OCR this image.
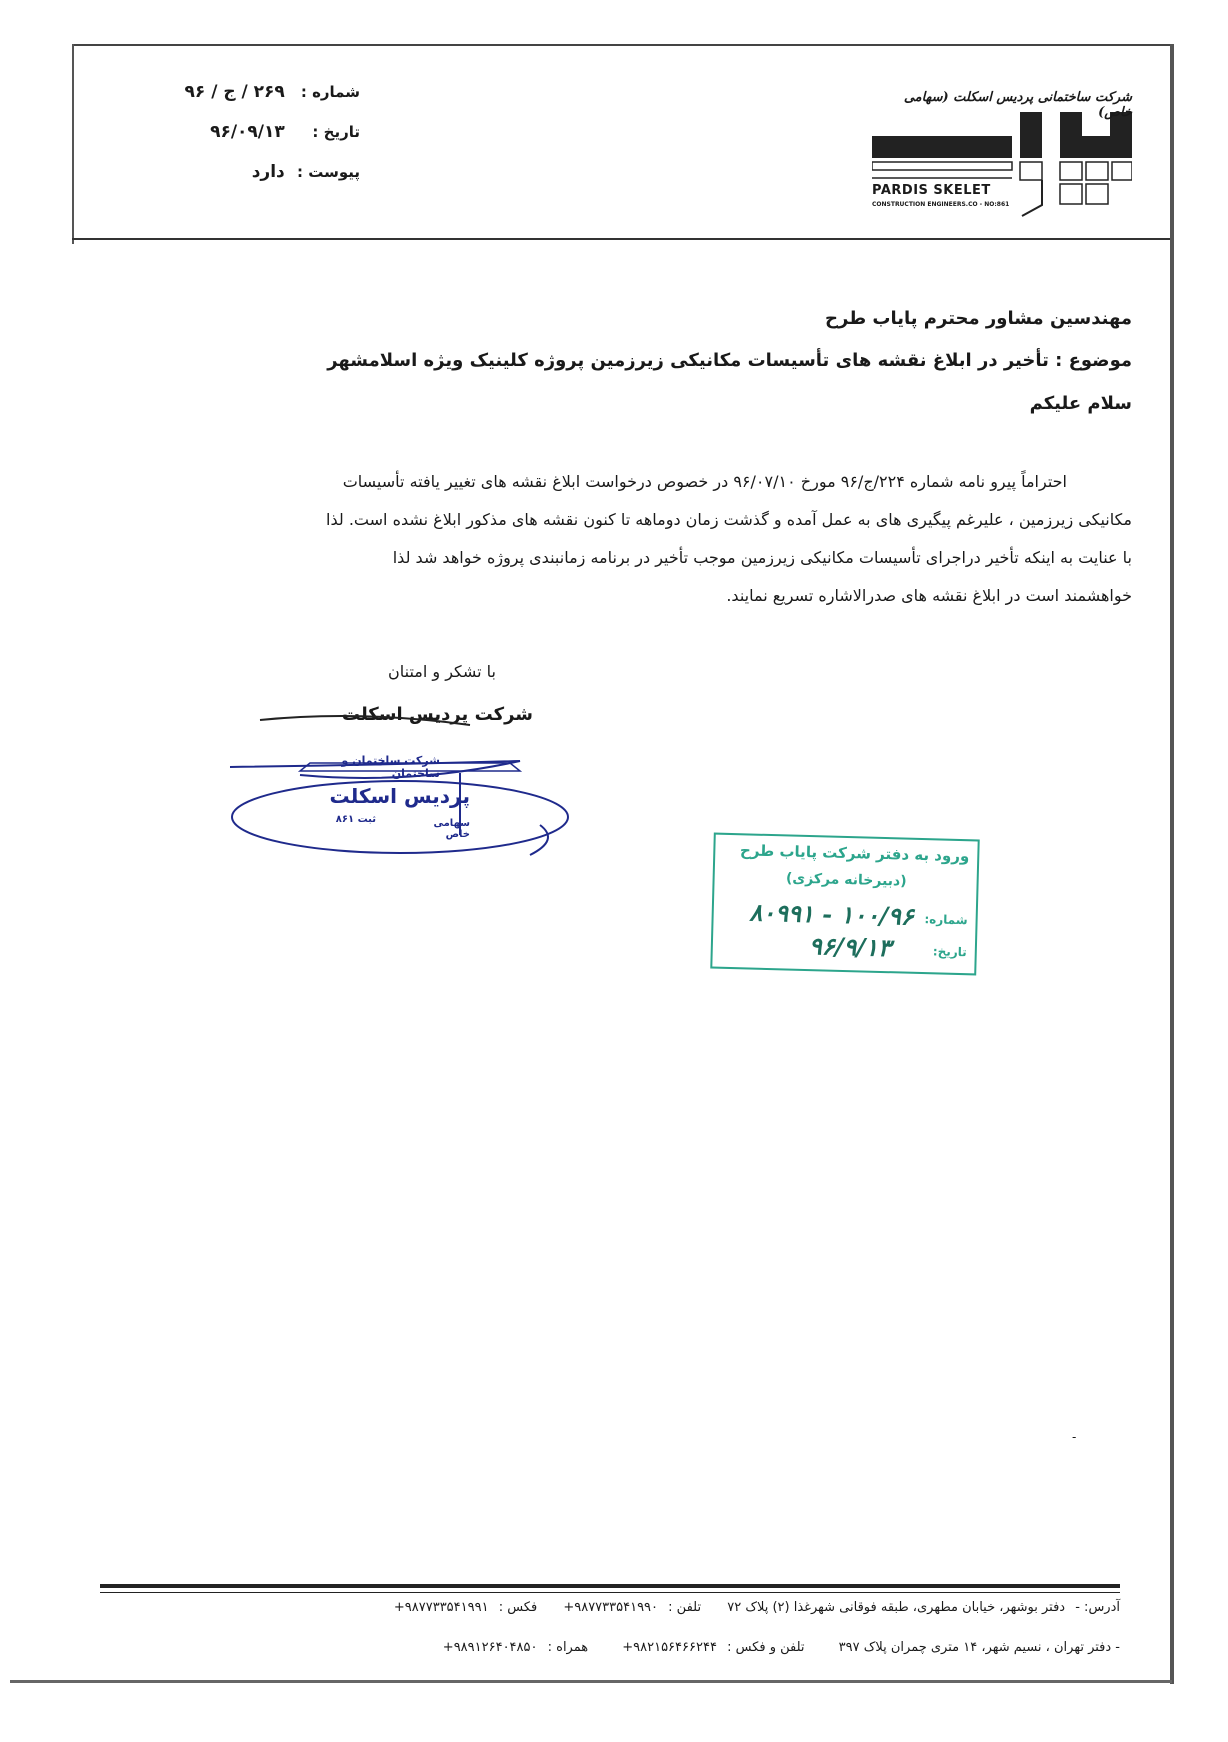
شماره : ۲۶۹ / ج / ۹۶
تاریخ : ۹۶/۰۹/۱۳
پیوست : دارد
شرکت ساختمانی پردیس اسکلت (سهامی خاص)
PARDIS SKELET
CONSTRUCTION ENGINEERS.CO - NO:861
مهندسین مشاور محترم پایاب طرح
موضوع : تأخیر در ابلاغ نقشه های تأسیسات مکانیکی زیرزمین پروژه کلینیک ویژه اسلامشهر
سلام علیکم

احتراماً پیرو نامه شماره ۲۲۴/ج/۹۶ مورخ ۹۶/۰۷/۱۰ در خصوص درخواست ابلاغ نقشه های تغییر یافته تأسیسات

مکانیکی زیرزمین ، علیرغم پیگیری های به عمل آمده و گذشت زمان دوماهه تا کنون نقشه های مذکور ابلاغ نشده است. لذا

با عنایت به اینکه تأخیر دراجرای تأسیسات مکانیکی زیرزمین موجب تأخیر در برنامه زمانبندی پروژه خواهد شد لذا

خواهشمند است در ابلاغ نقشه های صدرالاشاره تسریع نمایند.

با تشکر و امتنان
شرکت پردیس اسکلت
شرکت ساختمان و ساختمان
پردیس اسکلت
سهامی خاص
ثبت ۸۶۱
ورود به دفتر شرکت پایاب طرح
(دبیرخانه مرکزی)
شماره:
تاریخ:
۱۰۰/۹۶ - ۸۰۹۹۱
۹۶/۹/۱۳
-
آدرس: - دفتر بوشهر، خیابان مطهری، طبقه فوقانی شهرغذا (۲) پلاک ۷۲ تلفن : +۹۸۷۷۳۳۵۴۱۹۹۰ فکس : +۹۸۷۷۳۳۵۴۱۹۹۱
- دفتر تهران ، نسیم شهر، ۱۴ متری چمران پلاک ۳۹۷ تلفن و فکس : +۹۸۲۱۵۶۴۶۶۲۴۴ همراه : +۹۸۹۱۲۶۴۰۴۸۵۰
